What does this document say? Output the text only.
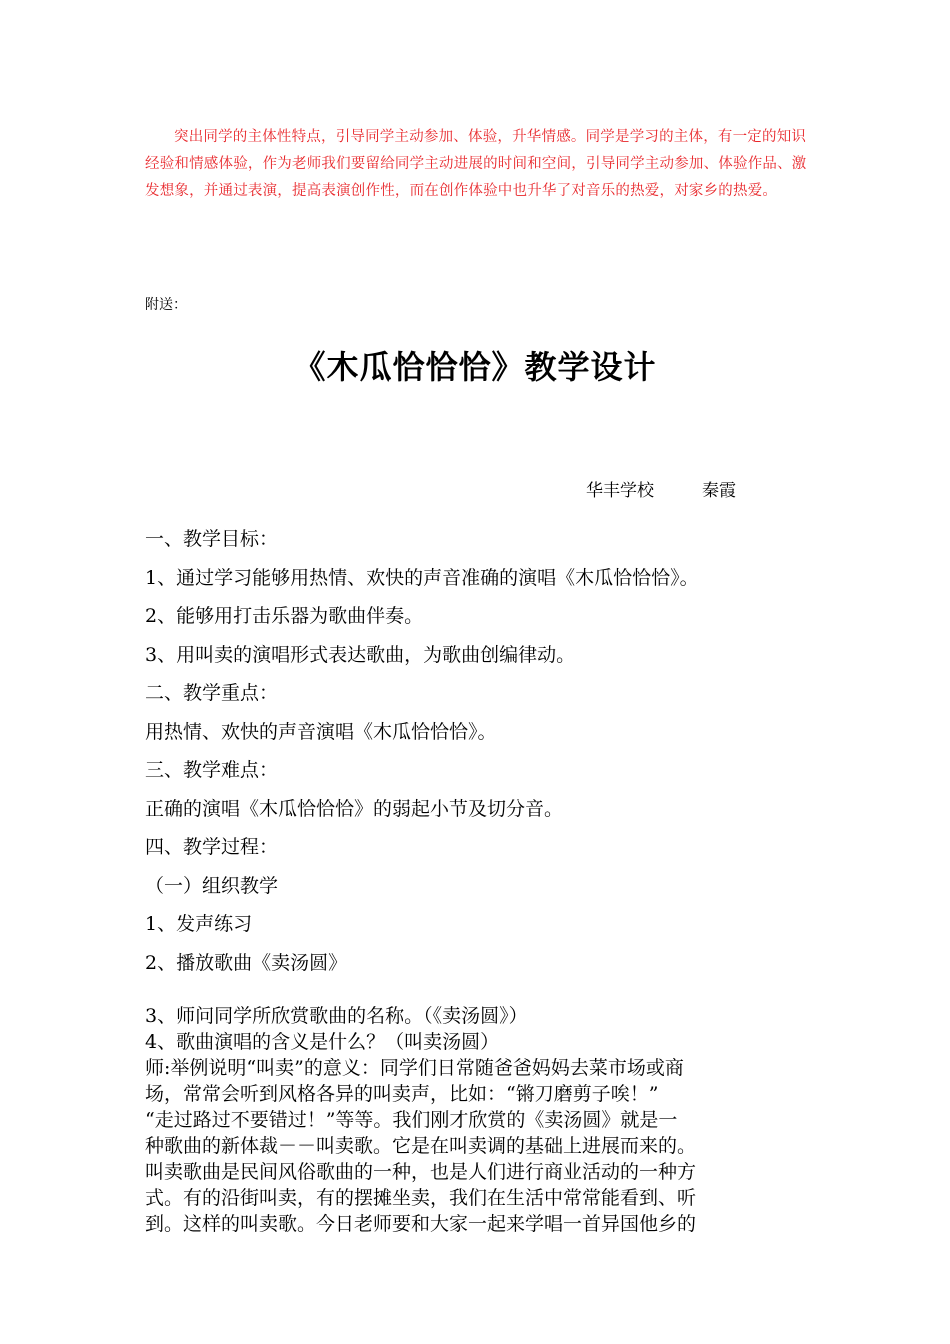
突出同学的主体性特点，引导同学主动参加、体验，升华情感。同学是学习的主体，有一定的知识经验和情感体验，作为老师我们要留给同学主动进展的时间和空间，引导同学主动参加、体验作品、激发想象，并通过表演，提高表演创作性，而在创作体验中也升华了对音乐的热爱，对家乡的热爱。
附送：
《木瓜恰恰恰》教学设计
华丰学校	秦霞
一、教学目标：
1、通过学习能够用热情、欢快的声音准确的演唱《木瓜恰恰恰》。
2、能够用打击乐器为歌曲伴奏。
3、用叫卖的演唱形式表达歌曲，为歌曲创编律动。
二、教学重点：
用热情、欢快的声音演唱《木瓜恰恰恰》。
三、教学难点：
正确的演唱《木瓜恰恰恰》的弱起小节及切分音。
四、教学过程：
（一）组织教学
1、发声练习
2、播放歌曲《卖汤圆》
3、师问同学所欣赏歌曲的名称。（《卖汤圆》）
4、歌曲演唱的含义是什么？（叫卖汤圆）
师:举例说明“叫卖”的意义：同学们日常随爸爸妈妈去菜市场或商
场，常常会听到风格各异的叫卖声，比如：“锵刀磨剪子唉！”
“走过路过不要错过！”等等。我们刚才欣赏的《卖汤圆》就是一
种歌曲的新体裁－－叫卖歌。它是在叫卖调的基础上进展而来的。
叫卖歌曲是民间风俗歌曲的一种，也是人们进行商业活动的一种方
式。有的沿街叫卖，有的摆摊坐卖，我们在生活中常常能看到、听
到。这样的叫卖歌。今日老师要和大家一起来学唱一首异国他乡的
